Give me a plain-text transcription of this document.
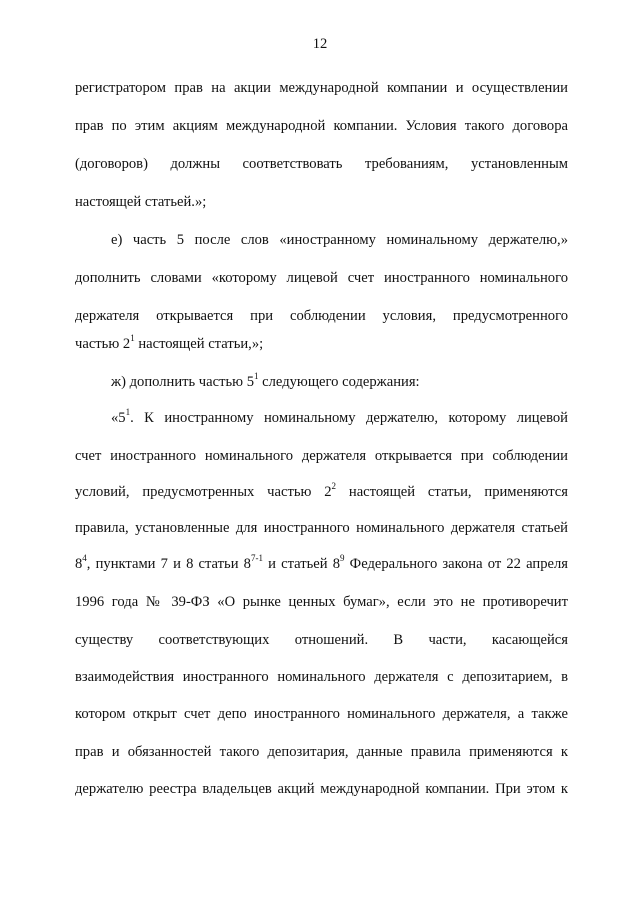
12
регистратором прав на акции международной компании и осуществлении
прав по этим акциям международной компании. Условия такого договора
(договоров) должны соответствовать требованиям, установленным
настоящей статьей.»;
е) часть 5 после слов «иностранному номинальному держателю,»
дополнить словами «которому лицевой счет иностранного номинального
держателя открывается при соблюдении условия, предусмотренного
частью $2^1$ настоящей статьи,»;
ж) дополнить частью $5^1$ следующего содержания:
«$5^1$. К иностранному номинальному держателю, которому лицевой
счет иностранного номинального держателя открывается при соблюдении
условий, предусмотренных частью $2^2$ настоящей статьи, применяются
правила, установленные для иностранного номинального держателя статьей
$8^4$, пунктами 7 и 8 статьи 8$^{7-1}$ и статьей $8^9$ Федерального закона от 22 апреля
1996 года № 39-ФЗ «О рынке ценных бумаг», если это не противоречит
существу соответствующих отношений. В части, касающейся
взаимодействия иностранного номинального держателя с депозитарием, в
котором открыт счет депо иностранного номинального держателя, а также
прав и обязанностей такого депозитария, данные правила применяются к
держателю реестра владельцев акций международной компании. При этом к
